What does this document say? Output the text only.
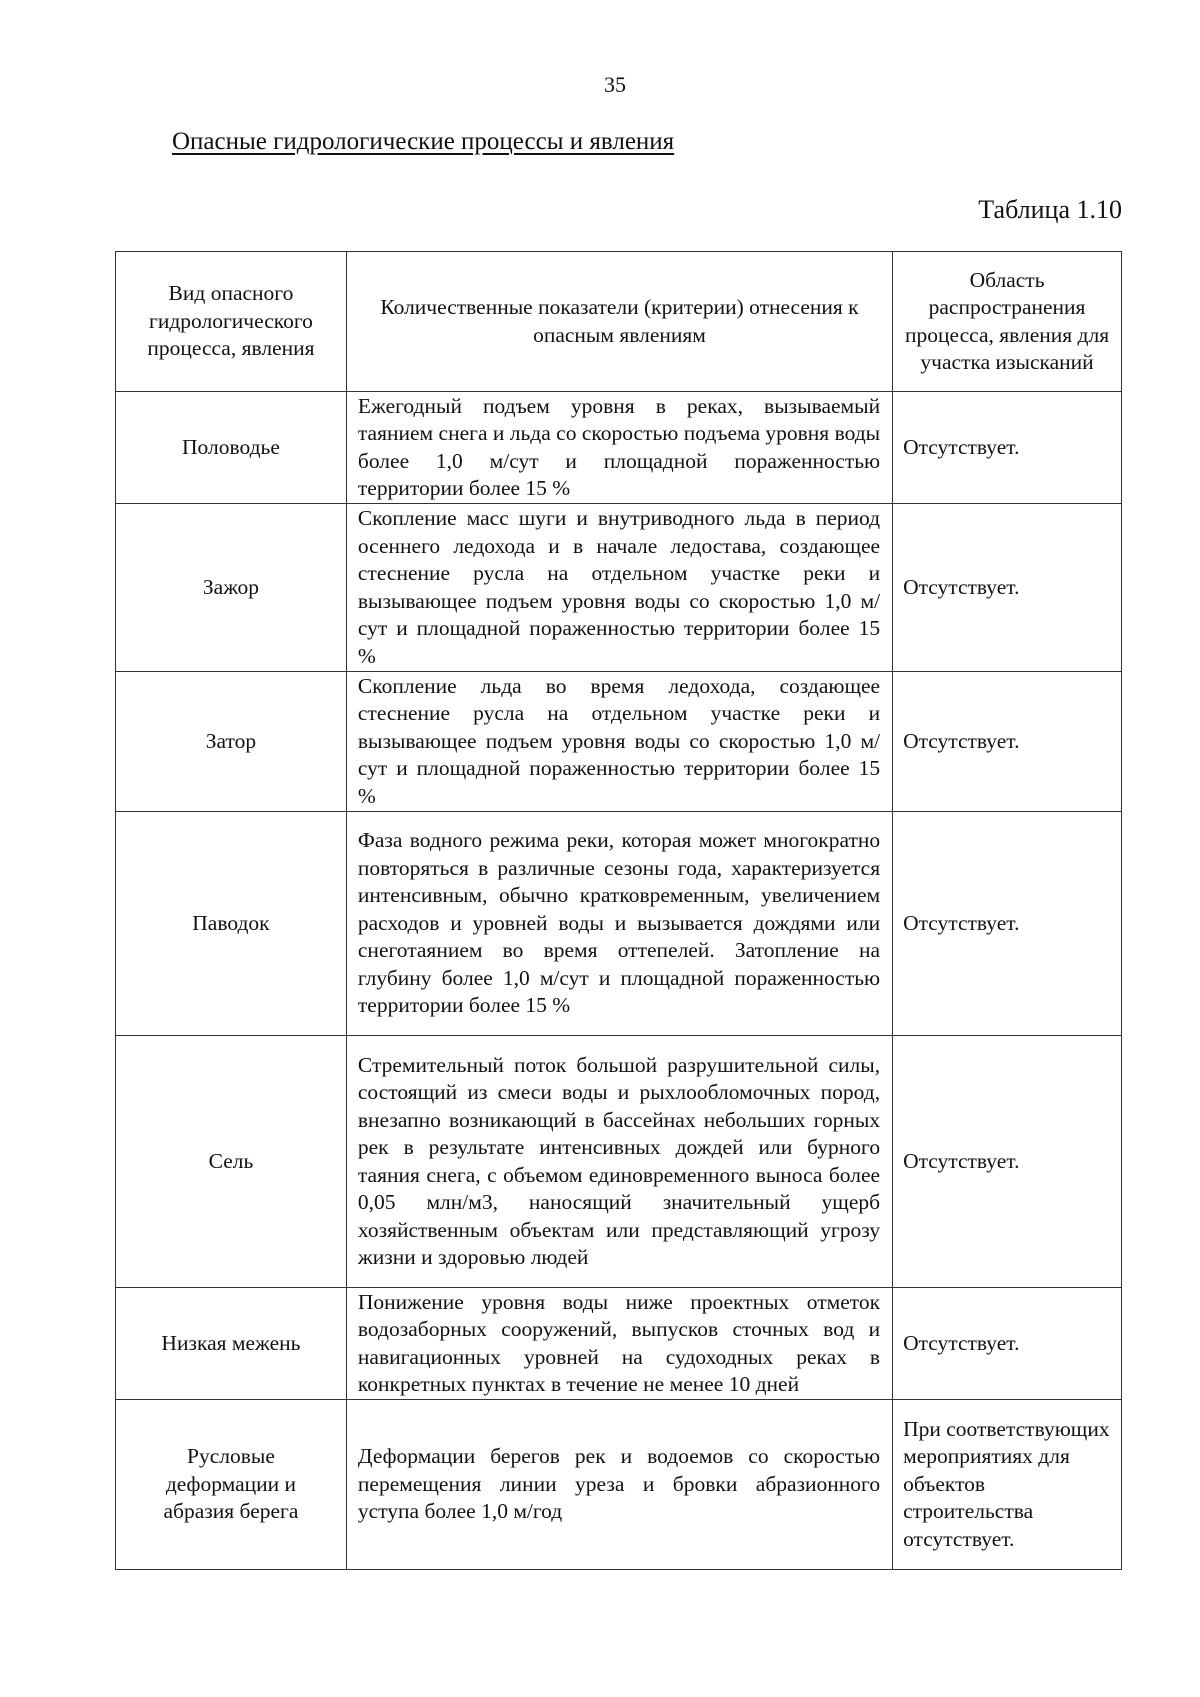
35
Опасные гидрологические процессы и явления
Таблица 1.10
Вид опасного гидрологического процесса, явления	Количественные показатели (критерии) отнесения к опасным явлениям	Область распространения процесса, явления для участка изысканий
Половодье	Ежегодный подъем уровня в реках, вызываемый таянием снега и льда со скоростью подъема уровня воды более 1,0 м/сут и площадной пораженностью территории более 15 %	Отсутствует.
Зажор	Скопление масс шуги и внутриводного льда в период осеннего ледохода и в начале ледостава, создающее стеснение русла на отдельном участке реки и вызывающее подъем уровня воды со скоростью 1,0 м/сут и площадной пораженностью территории более 15 %	Отсутствует.
Затор	Скопление льда во время ледохода, создающее стеснение русла на отдельном участке реки и вызывающее подъем уровня воды со скоростью 1,0 м/сут и площадной пораженностью территории более 15 %	Отсутствует.
Паводок	Фаза водного режима реки, которая может многократно повторяться в различные сезоны года, характеризуется интенсивным, обычно кратковременным, увеличением расходов и уровней воды и вызывается дождями или снеготаянием во время оттепелей. Затопление на глубину более 1,0 м/сут и площадной пораженностью территории более 15 %	Отсутствует.
Сель	Стремительный поток большой разрушительной силы, состоящий из смеси воды и рыхлообломочных пород, внезапно возникающий в бассейнах небольших горных рек в результате интенсивных дождей или бурного таяния снега, с объемом единовременного выноса более 0,05 млн/м3, наносящий значительный ущерб хозяйственным объектам или представляющий угрозу жизни и здоровью людей	Отсутствует.
Низкая межень	Понижение уровня воды ниже проектных отметок водозаборных сооружений, выпусков сточных вод и навигационных уровней на судоходных реках в конкретных пунктах в течение не менее 10 дней	Отсутствует.
Русловые деформации и абразия берега	Деформации берегов рек и водоемов со скоростью перемещения линии уреза и бровки абразионного уступа более 1,0 м/год	При соответствующих мероприятиях для объектов строительства отсутствует.
